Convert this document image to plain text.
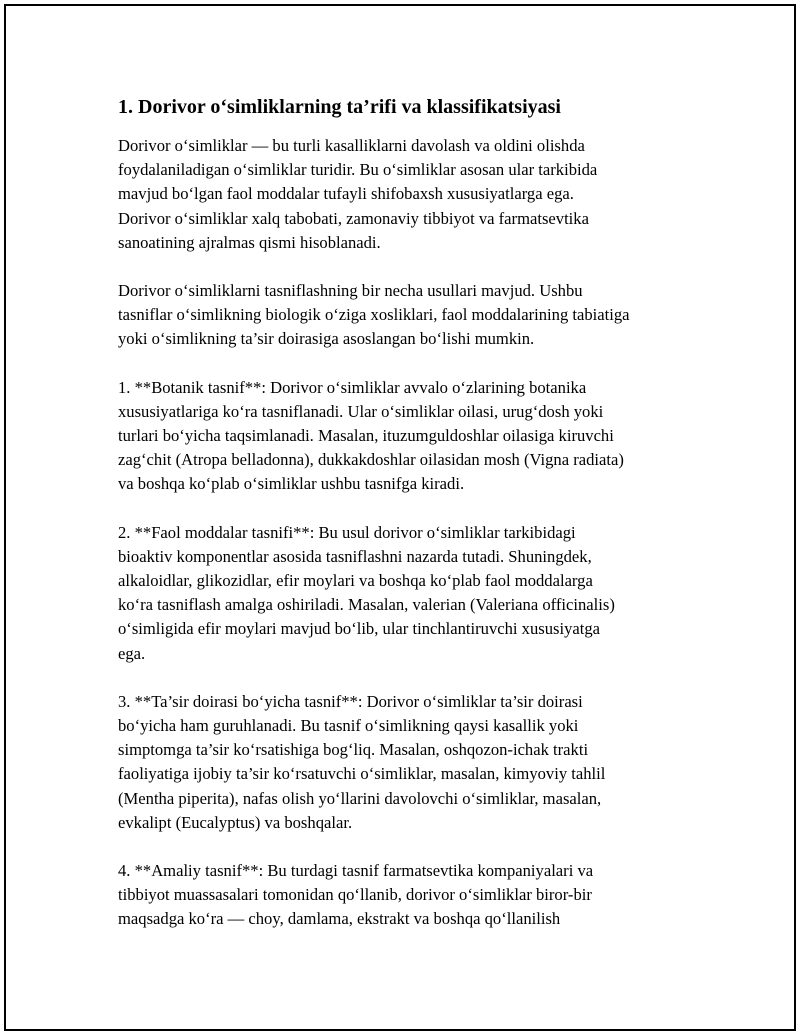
1. Dorivor o‘simliklarning ta’rifi va klassifikatsiyasi

Dorivor o‘simliklar — bu turli kasalliklarni davolash va oldini olishda
foydalaniladigan o‘simliklar turidir. Bu o‘simliklar asosan ular tarkibida
mavjud bo‘lgan faol moddalar tufayli shifobaxsh xususiyatlarga ega.
Dorivor o‘simliklar xalq tabobati, zamonaviy tibbiyot va farmatsevtika
sanoatining ajralmas qismi hisoblanadi.

Dorivor o‘simliklarni tasniflashning bir necha usullari mavjud. Ushbu
tasniflar o‘simlikning biologik o‘ziga xosliklari, faol moddalarining tabiatiga
yoki o‘simlikning ta’sir doirasiga asoslangan bo‘lishi mumkin.

1. **Botanik tasnif**: Dorivor o‘simliklar avvalo o‘zlarining botanika
xususiyatlariga ko‘ra tasniflanadi. Ular o‘simliklar oilasi, urug‘dosh yoki
turlari bo‘yicha taqsimlanadi. Masalan, ituzumguldoshlar oilasiga kiruvchi
zag‘chit (Atropa belladonna), dukkakdoshlar oilasidan mosh (Vigna radiata)
va boshqa ko‘plab o‘simliklar ushbu tasnifga kiradi.

2. **Faol moddalar tasnifi**: Bu usul dorivor o‘simliklar tarkibidagi
bioaktiv komponentlar asosida tasniflashni nazarda tutadi. Shuningdek,
alkaloidlar, glikozidlar, efir moylari va boshqa ko‘plab faol moddalarga
ko‘ra tasniflash amalga oshiriladi. Masalan, valerian (Valeriana officinalis)
o‘simligida efir moylari mavjud bo‘lib, ular tinchlantiruvchi xususiyatga
ega.

3. **Ta’sir doirasi bo‘yicha tasnif**: Dorivor o‘simliklar ta’sir doirasi
bo‘yicha ham guruhlanadi. Bu tasnif o‘simlikning qaysi kasallik yoki
simptomga ta’sir ko‘rsatishiga bog‘liq. Masalan, oshqozon-ichak trakti
faoliyatiga ijobiy ta’sir ko‘rsatuvchi o‘simliklar, masalan, kimyoviy tahlil
(Mentha piperita), nafas olish yo‘llarini davolovchi o‘simliklar, masalan,
evkalipt (Eucalyptus) va boshqalar.

4. **Amaliy tasnif**: Bu turdagi tasnif farmatsevtika kompaniyalari va
tibbiyot muassasalari tomonidan qo‘llanib, dorivor o‘simliklar biror-bir
maqsadga ko‘ra — choy, damlama, ekstrakt va boshqa qo‘llanilish
